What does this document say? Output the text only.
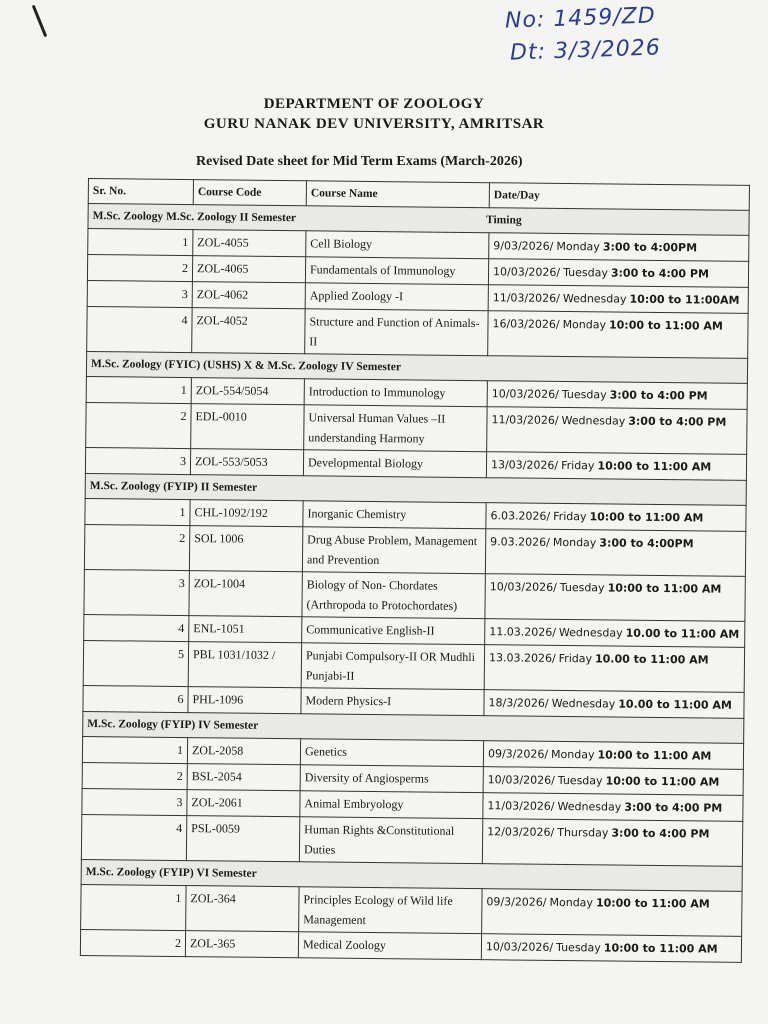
No: 1459/ZD
Dt: 3/3/2026
DEPARTMENT OF ZOOLOGY
GURU NANAK DEV UNIVERSITY, AMRITSAR
Revised Date sheet for Mid Term Exams (March-2026)
Sr. No.	Course Code	Course Name	Date/Day
M.Sc. Zoology M.Sc. Zoology II Semester Timing			
1	ZOL-4055	Cell Biology	9/03/2026/ Monday 3:00 to 4:00PM
2	ZOL-4065	Fundamentals of Immunology	10/03/2026/ Tuesday 3:00 to 4:00 PM
3	ZOL-4062	Applied Zoology -I	11/03/2026/ Wednesday 10:00 to 11:00AM
4	ZOL-4052	Structure and Function of Animals-II	16/03/2026/ Monday 10:00 to 11:00 AM
M.Sc. Zoology (FYIC) (USHS) X & M.Sc. Zoology IV Semester			
1	ZOL-554/5054	Introduction to Immunology	10/03/2026/ Tuesday 3:00 to 4:00 PM
2	EDL-0010	Universal Human Values –II understanding Harmony	11/03/2026/ Wednesday 3:00 to 4:00 PM
3	ZOL-553/5053	Developmental Biology	13/03/2026/ Friday 10:00 to 11:00 AM
M.Sc. Zoology (FYIP) II Semester			
1	CHL-1092/192	Inorganic Chemistry	6.03.2026/ Friday 10:00 to 11:00 AM
2	SOL 1006	Drug Abuse Problem, Management and Prevention	9.03.2026/ Monday 3:00 to 4:00PM
3	ZOL-1004	Biology of Non- Chordates (Arthropoda to Protochordates)	10/03/2026/ Tuesday 10:00 to 11:00 AM
4	ENL-1051	Communicative English-II	11.03.2026/ Wednesday 10.00 to 11:00 AM
5	PBL 1031/1032 /	Punjabi Compulsory-II OR Mudhli Punjabi-II	13.03.2026/ Friday 10.00 to 11:00 AM
6	PHL-1096	Modern Physics-I	18/3/2026/ Wednesday 10.00 to 11:00 AM
M.Sc. Zoology (FYIP) IV Semester			
1	ZOL-2058	Genetics	09/3/2026/ Monday 10:00 to 11:00 AM
2	BSL-2054	Diversity of Angiosperms	10/03/2026/ Tuesday 10:00 to 11:00 AM
3	ZOL-2061	Animal Embryology	11/03/2026/ Wednesday 3:00 to 4:00 PM
4	PSL-0059	Human Rights &Constitutional Duties	12/03/2026/ Thursday 3:00 to 4:00 PM
M.Sc. Zoology (FYIP) VI Semester			
1	ZOL-364	Principles Ecology of Wild life Management	09/3/2026/ Monday 10:00 to 11:00 AM
2	ZOL-365	Medical Zoology	10/03/2026/ Tuesday 10:00 to 11:00 AM
